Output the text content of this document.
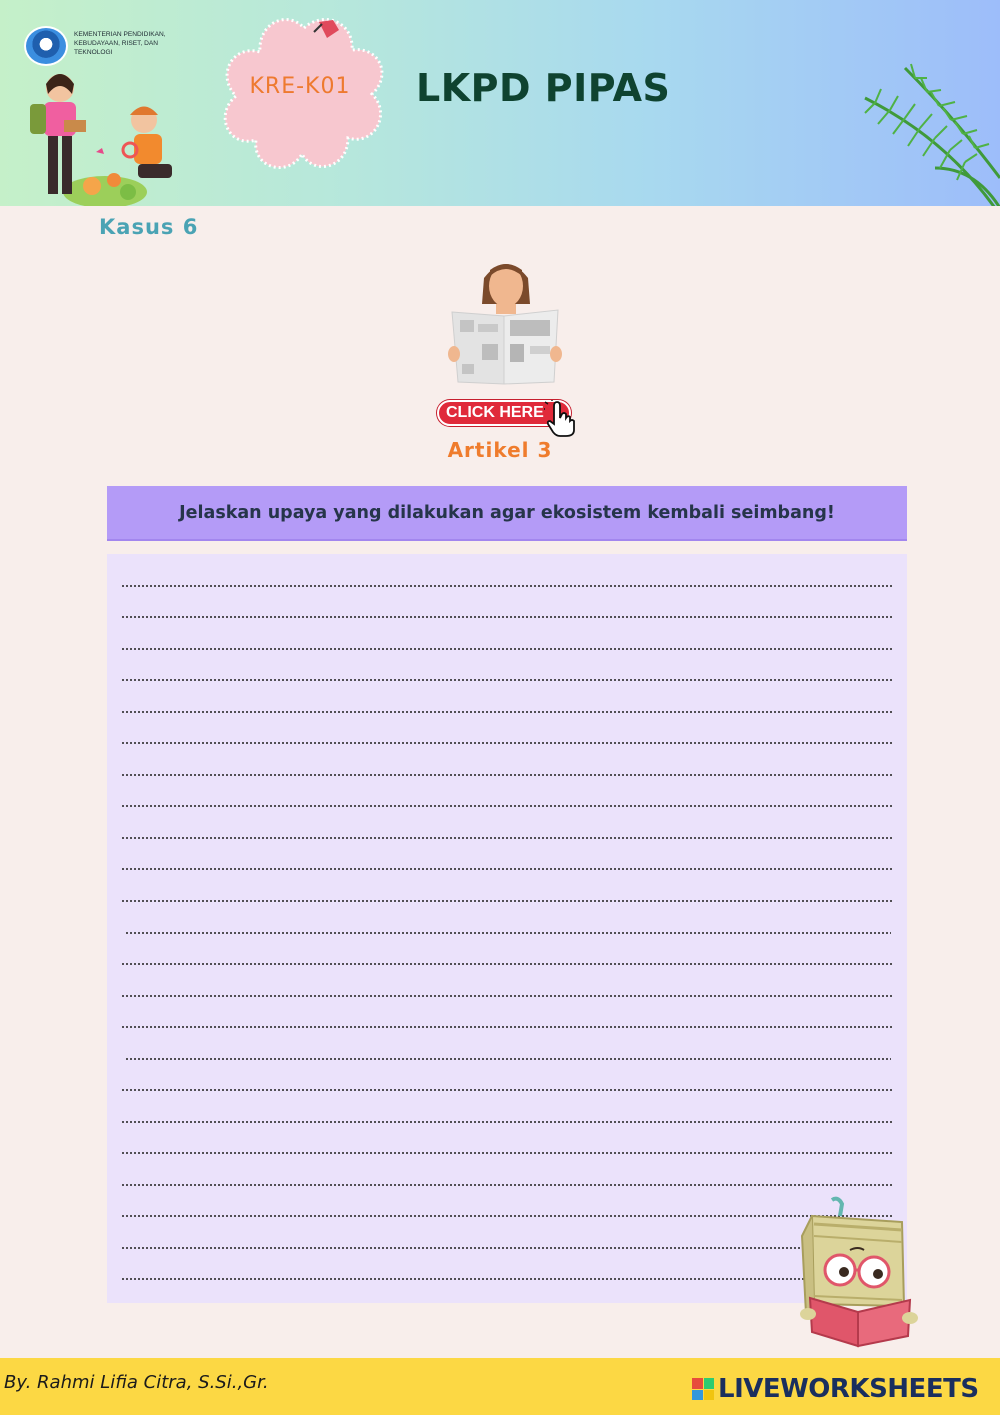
KEMENTERIAN PENDIDIKAN, KEBUDAYAAN, RISET, DAN TEKNOLOGI
KRE-K01	LKPD PIPAS
Kasus 6
CLICK HERE
Artikel 3
Jelaskan upaya yang dilakukan agar ekosistem kembali seimbang!
By. Rahmi Lifia Citra, S.Si.,Gr.	LIVEWORKSHEETS
